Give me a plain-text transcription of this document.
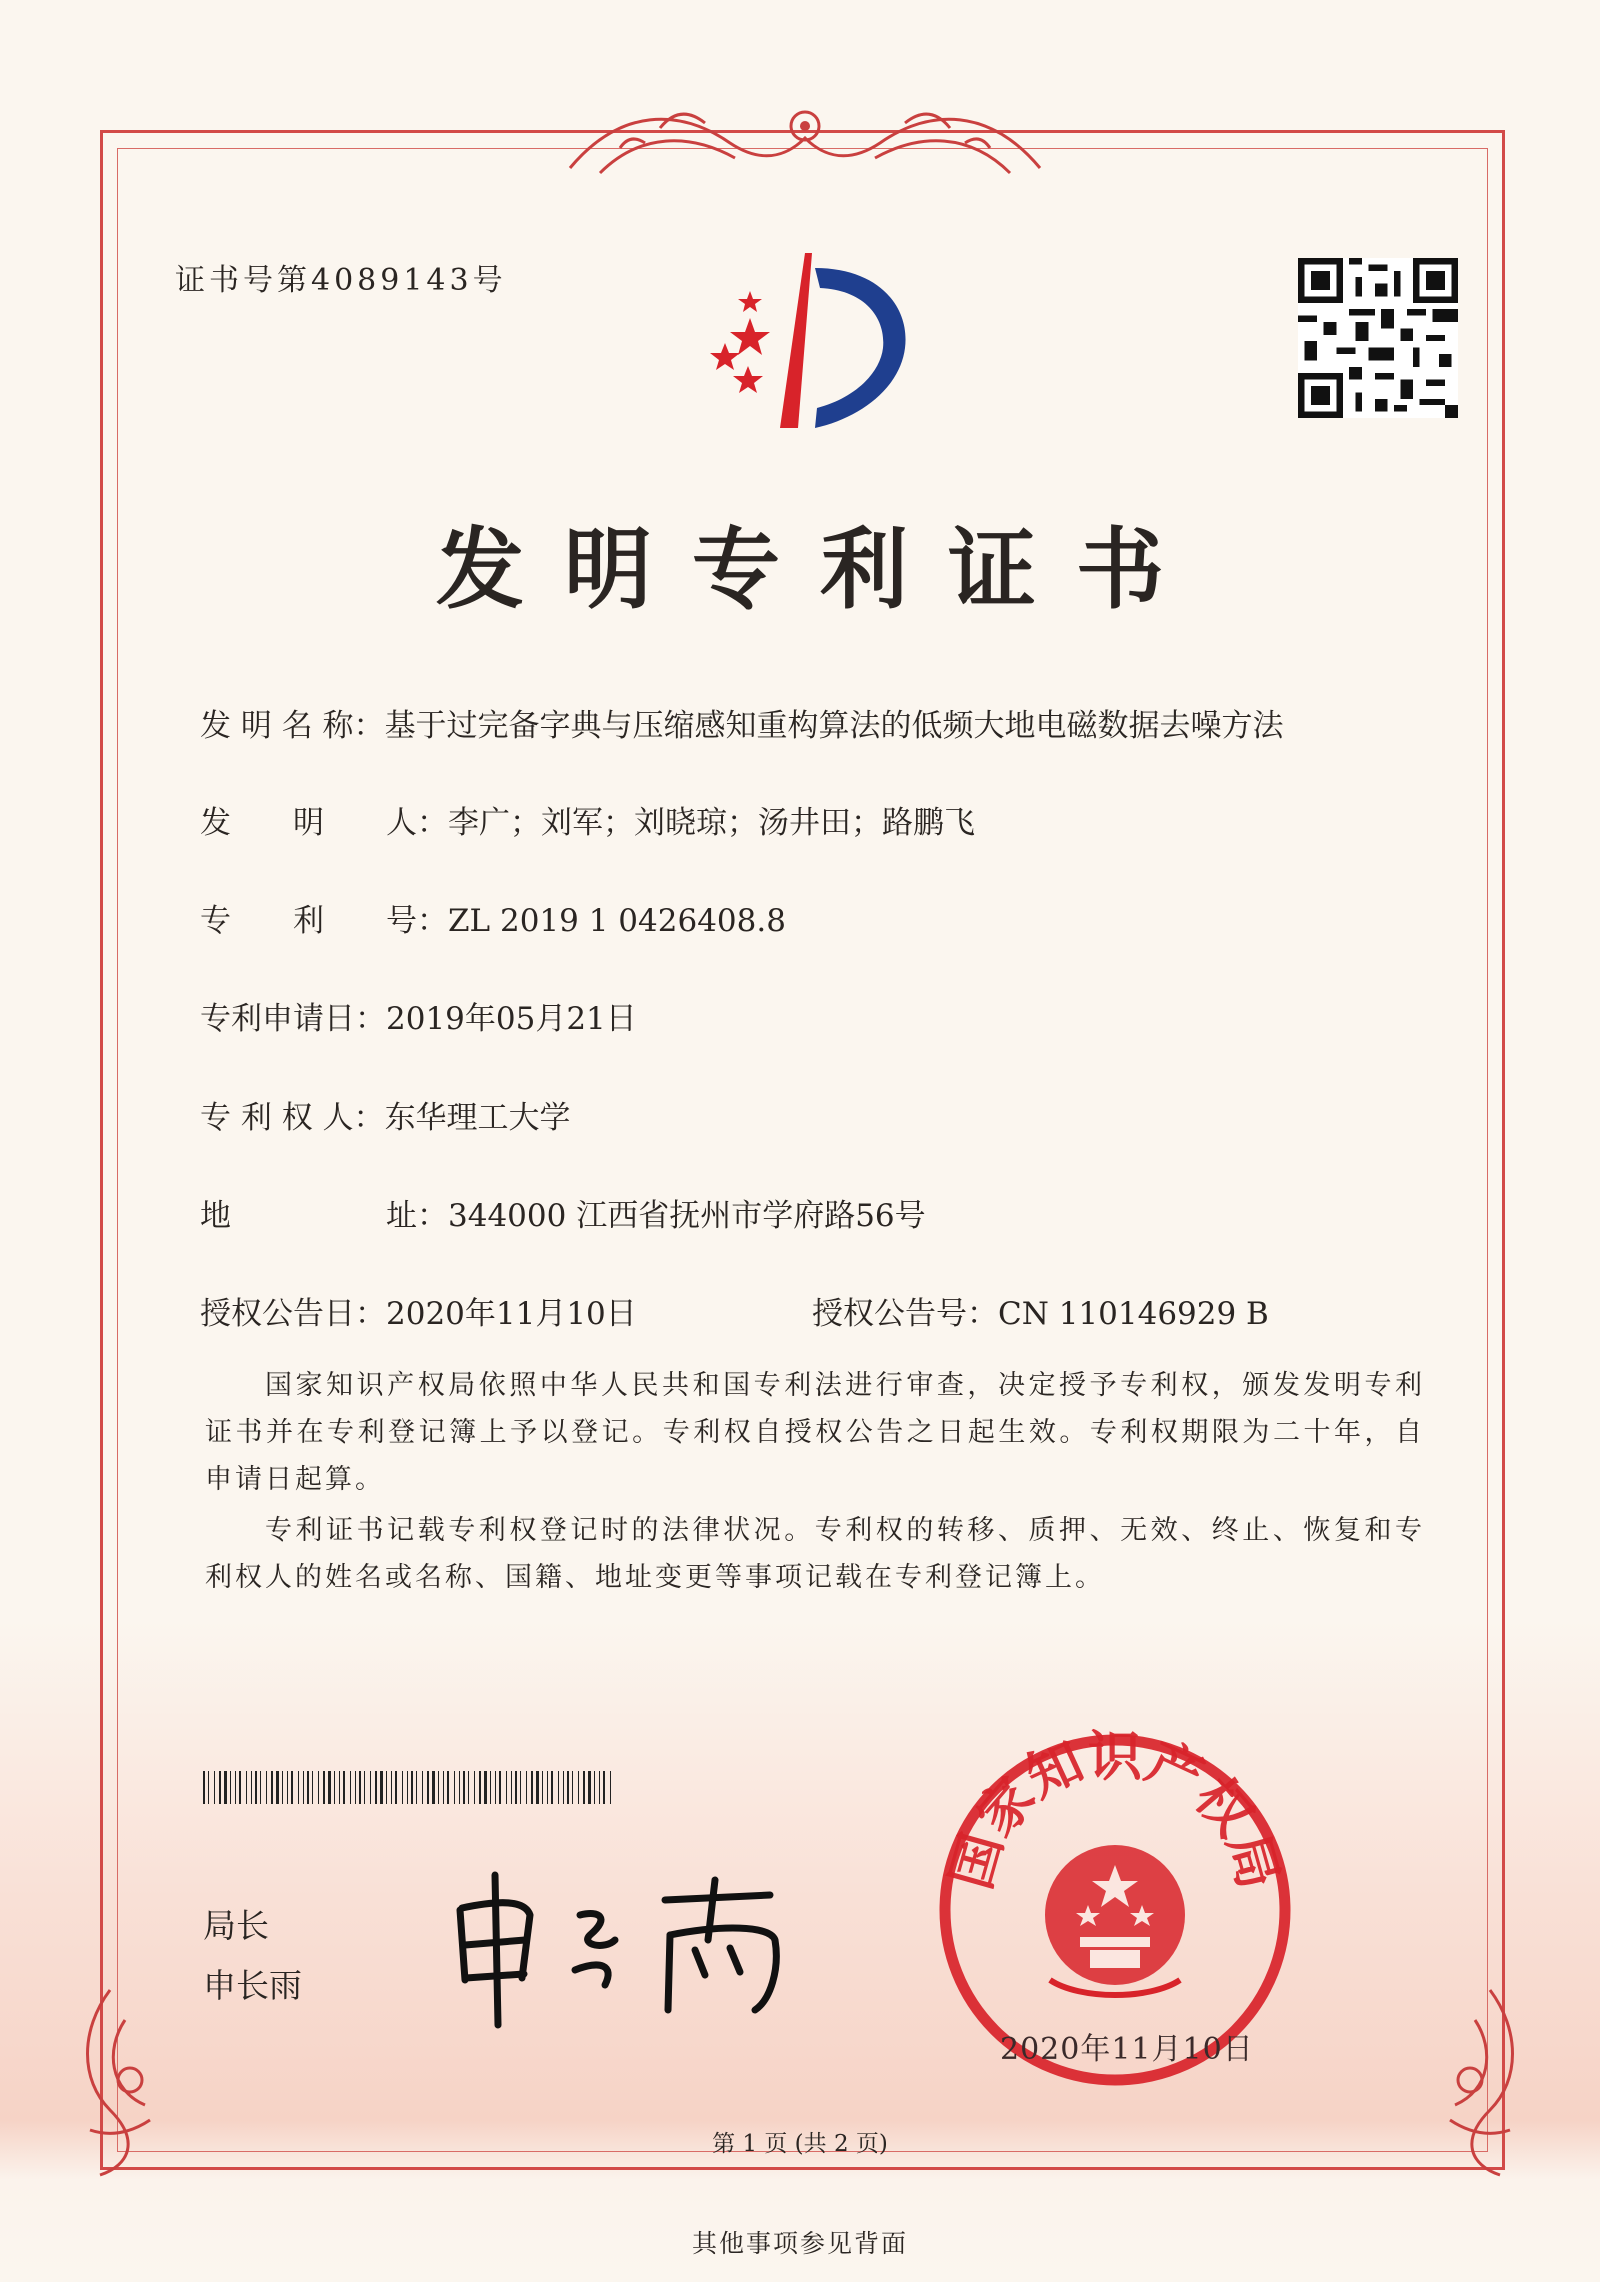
证书号第4089143号
发明专利证书
发 明 名 称：基于过完备字典与压缩感知重构算法的低频大地电磁数据去噪方法
发　　明　　人：李广；刘军；刘晓琼；汤井田；路鹏飞
专　　利　　号：ZL 2019 1 0426408.8
专利申请日：2019年05月21日
专 利 权 人：东华理工大学
地　　　　　址：344000 江西省抚州市学府路56号
授权公告日：2020年11月10日	授权公告号：CN 110146929 B

国家知识产权局依照中华人民共和国专利法进行审查，决定授予专利权，颁发发明专利证书并在专利登记簿上予以登记。专利权自授权公告之日起生效。专利权期限为二十年，自申请日起算。

专利证书记载专利权登记时的法律状况。专利权的转移、质押、无效、终止、恢复和专利权人的姓名或名称、国籍、地址变更等事项记载在专利登记簿上。

局长
申长雨
国家知识产权局
2020年11月10日
第 1 页 (共 2 页)
其他事项参见背面
